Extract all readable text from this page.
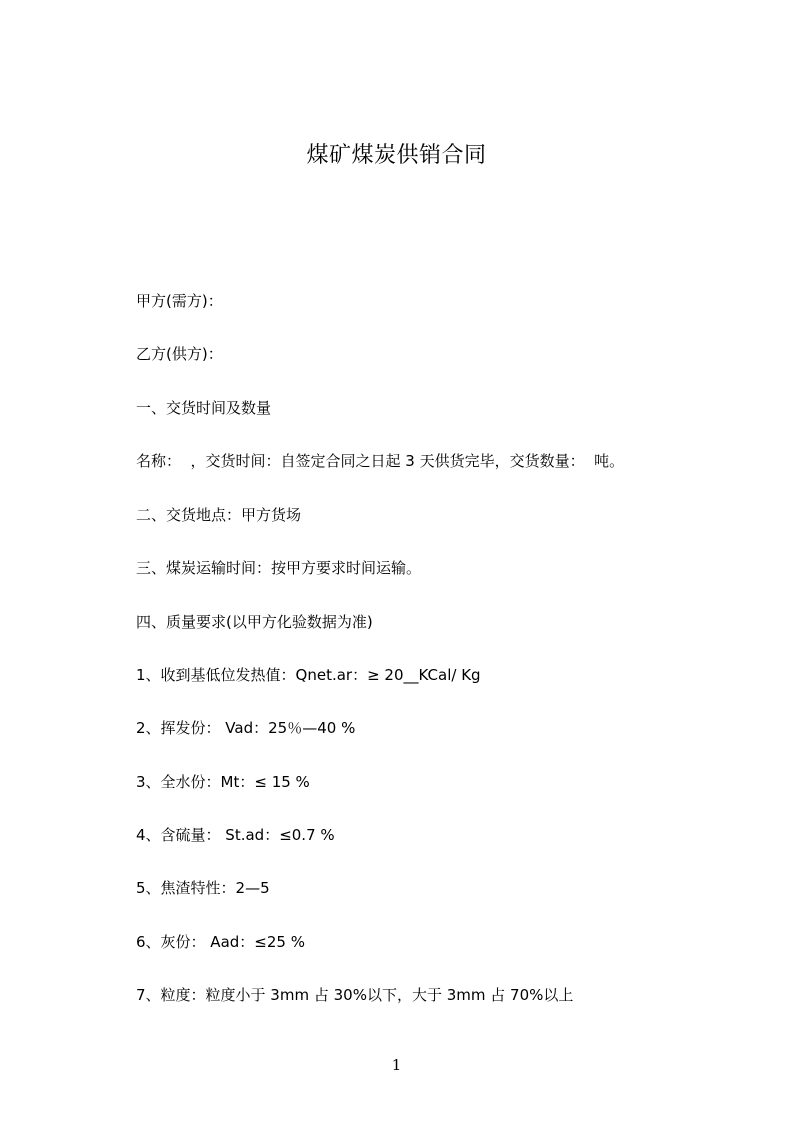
煤矿煤炭供销合同
甲方(需方)：
乙方(供方)：
一、交货时间及数量
名称：  ，交货时间：自签定合同之日起 3 天供货完毕，交货数量：  吨。
二、交货地点：甲方货场
三、煤炭运输时间：按甲方要求时间运输。
四、质量要求(以甲方化验数据为准)
1、收到基低位发热值：Qnet.ar：≥ 20__KCal/ Kg
2、挥发份： Vad：25％—40 %
3、全水份：Mt：≤ 15 %
4、含硫量： St.ad：≤0.7 %
5、焦渣特性：2—5
6、灰份： Aad：≤25 %
7、粒度：粒度小于 3mm 占 30%以下，大于 3mm 占 70%以上
1
